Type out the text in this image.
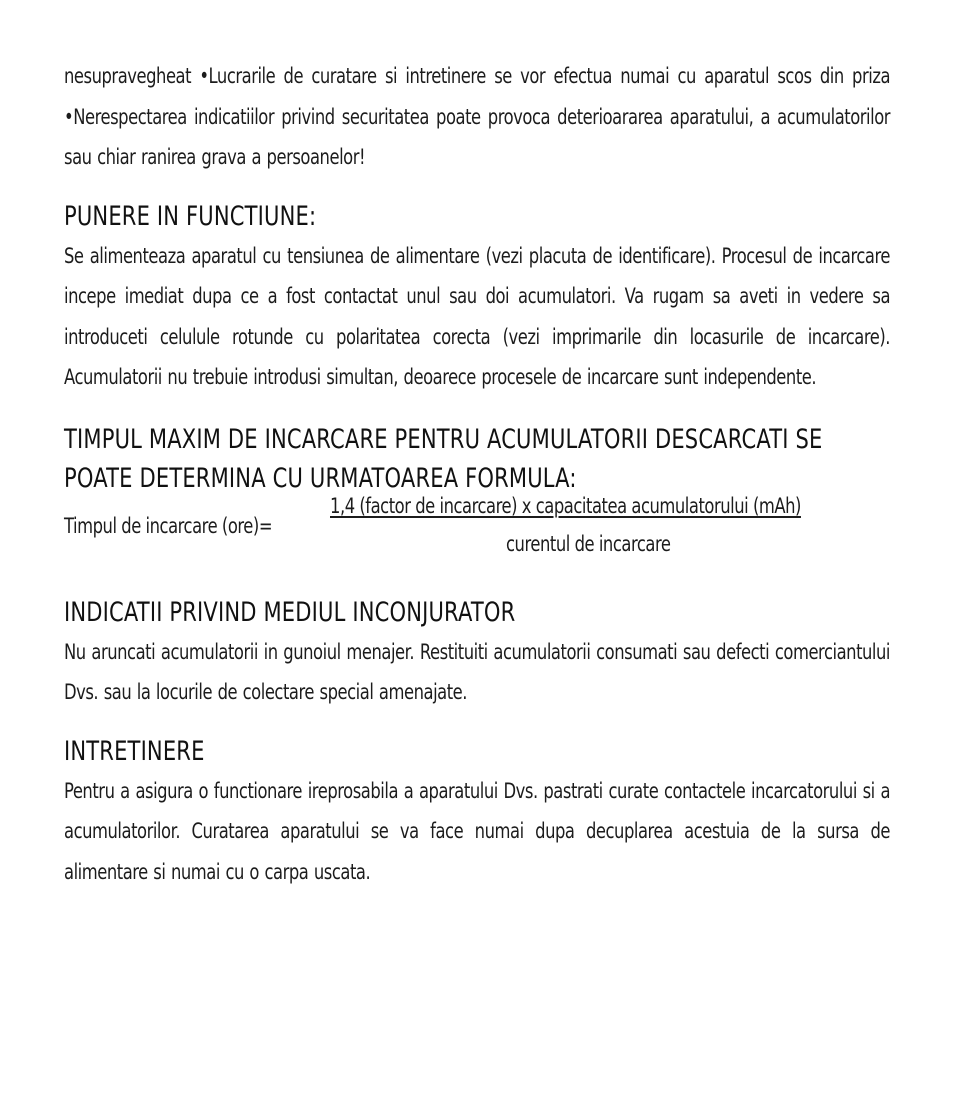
nesupravegheat •Lucrarile de curatare si intretinere se vor efectua numai cu aparatul scos din priza •Nerespectarea indicatiilor privind securitatea poate provoca deterioararea aparatului, a acumulatorilor sau chiar ranirea grava a persoanelor!

PUNERE IN FUNCTIUNE:

Se alimenteaza aparatul cu tensiunea de alimentare (vezi placuta de identificare). Procesul de incarcare incepe imediat dupa ce a fost contactat unul sau doi acumulatori. Va rugam sa aveti in vedere sa introduceti celulule rotunde cu polaritatea corecta (vezi imprimarile din locasurile de incarcare). Acumulatorii nu trebuie introdusi simultan, deoarece procesele de incarcare sunt independente.

TIMPUL MAXIM DE INCARCARE PENTRU ACUMULATORII DESCARCATI SE POATE DETERMINA CU URMATOAREA FORMULA:
Timpul de incarcare (ore)=
1,4 (factor de incarcare) x capacitatea acumulatorului (mAh)
curentul de incarcare
INDICATII PRIVIND MEDIUL INCONJURATOR

Nu aruncati acumulatorii in gunoiul menajer. Restituiti acumulatorii consumati sau defecti comerciantului Dvs. sau la locurile de colectare special amenajate.

INTRETINERE

Pentru a asigura o functionare ireprosabila a aparatului Dvs. pastrati curate contactele incarcatorului si a acumulatorilor. Curatarea aparatului se va face numai dupa decuplarea acestuia de la sursa de alimentare si numai cu o carpa uscata.
